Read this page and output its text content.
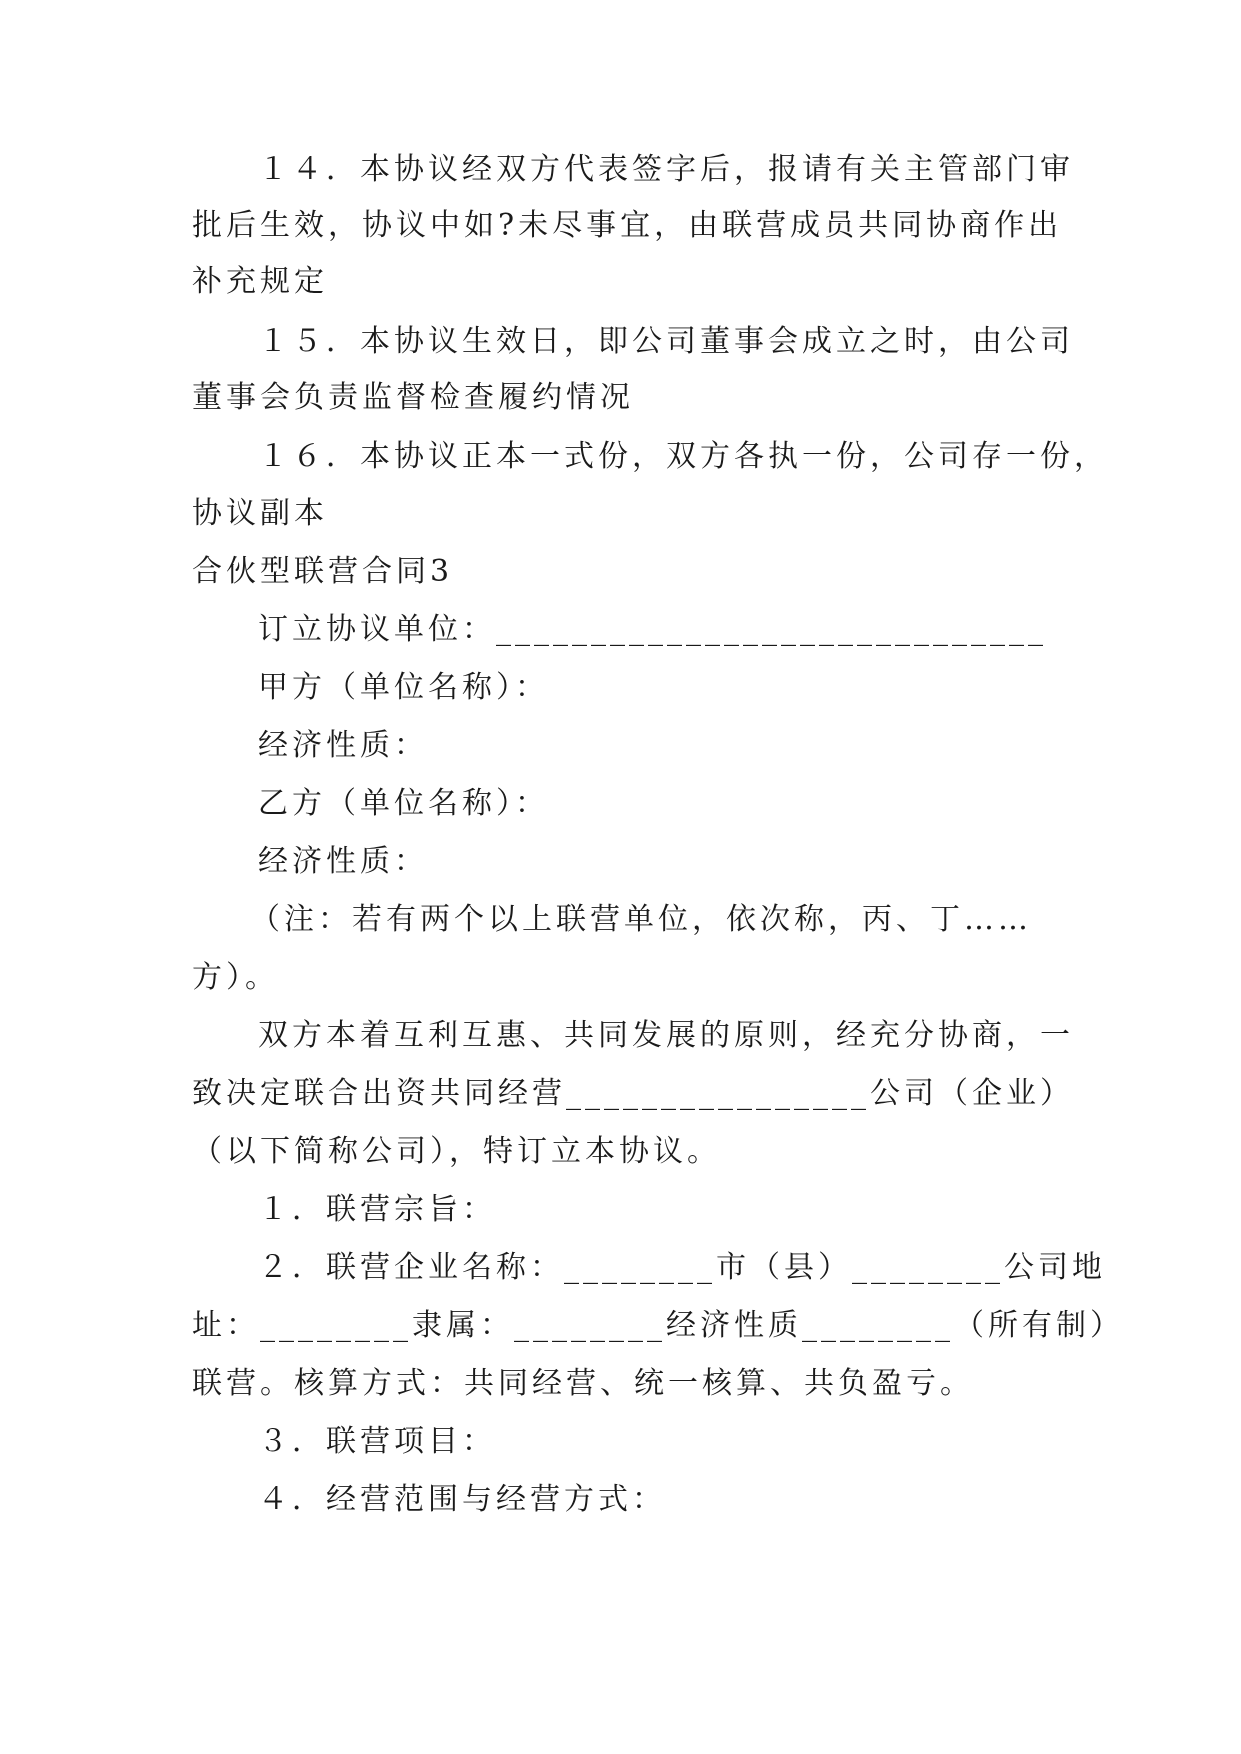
１４．本协议经双方代表签字后，报请有关主管部门审
批后生效，协议中如?未尽事宜，由联营成员共同协商作出
补充规定
１５．本协议生效日，即公司董事会成立之时，由公司
董事会负责监督检查履约情况
１６．本协议正本一式份，双方各执一份，公司存一份，
协议副本
合伙型联营合同3
订立协议单位：_____________________________
甲方（单位名称）：
经济性质：
乙方（单位名称）：
经济性质：
（注：若有两个以上联营单位，依次称，丙、丁……
方）。
双方本着互利互惠、共同发展的原则，经充分协商，一
致决定联合出资共同经营________________公司（企业）
（以下简称公司），特订立本协议。
１．联营宗旨：
２．联营企业名称：________市（县）________公司地
址：________隶属：________经济性质________（所有制）
联营。核算方式：共同经营、统一核算、共负盈亏。
３．联营项目：
４．经营范围与经营方式：
